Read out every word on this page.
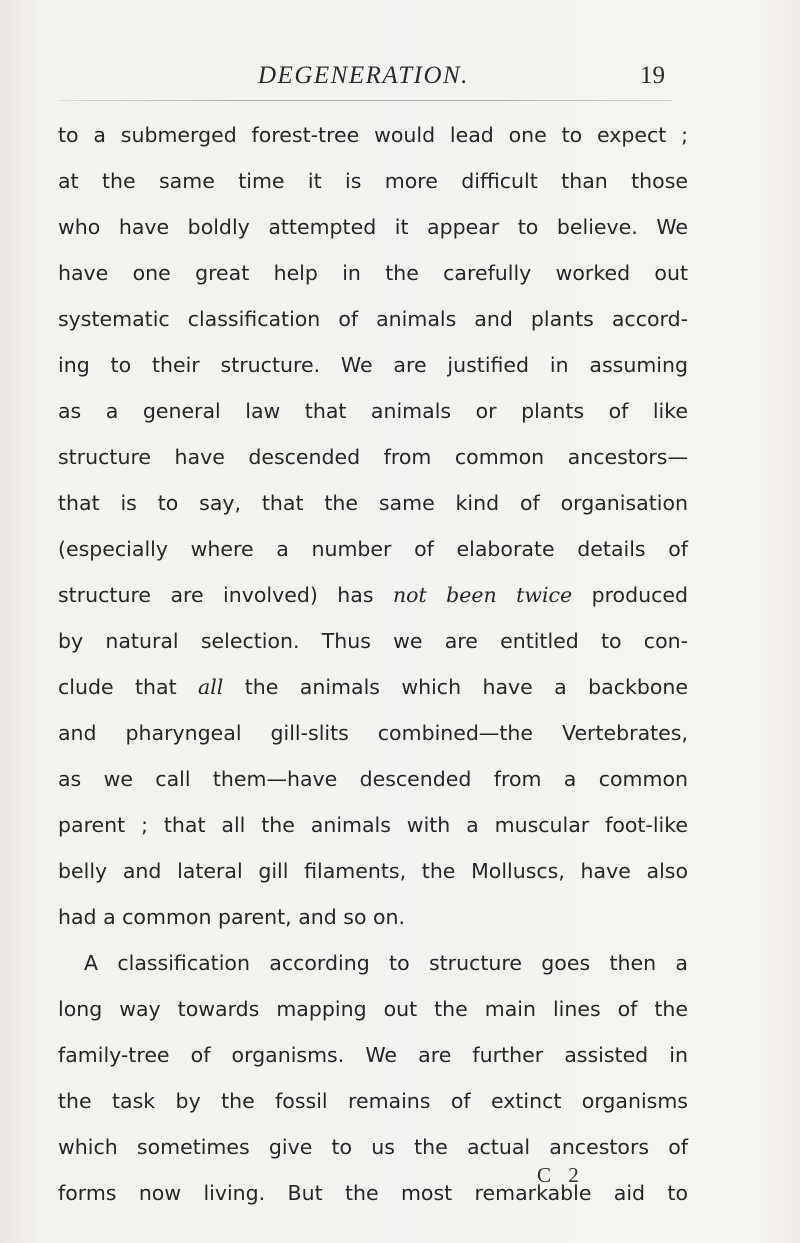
DEGENERATION.	19
to a submerged forest-tree would lead one to expect ;
at the same time it is more difficult than those
who have boldly attempted it appear to believe. We
have one great help in the carefully worked out
systematic classification of animals and plants accord-
ing to their structure. We are justified in assuming
as a general law that animals or plants of like
structure have descended from common ancestors—
that is to say, that the same kind of organisation
(especially where a number of elaborate details of
structure are involved) has not been twice produced
by natural selection. Thus we are entitled to con-
clude that all the animals which have a backbone
and pharyngeal gill-slits combined—the Vertebrates,
as we call them—have descended from a common
parent ; that all the animals with a muscular foot-like
belly and lateral gill filaments, the Molluscs, have also
had a common parent, and so on.
A classification according to structure goes then a
long way towards mapping out the main lines of the
family-tree of organisms. We are further assisted in
the task by the fossil remains of extinct organisms
which sometimes give to us the actual ancestors of
forms now living. But the most remarkable aid to
C 2
